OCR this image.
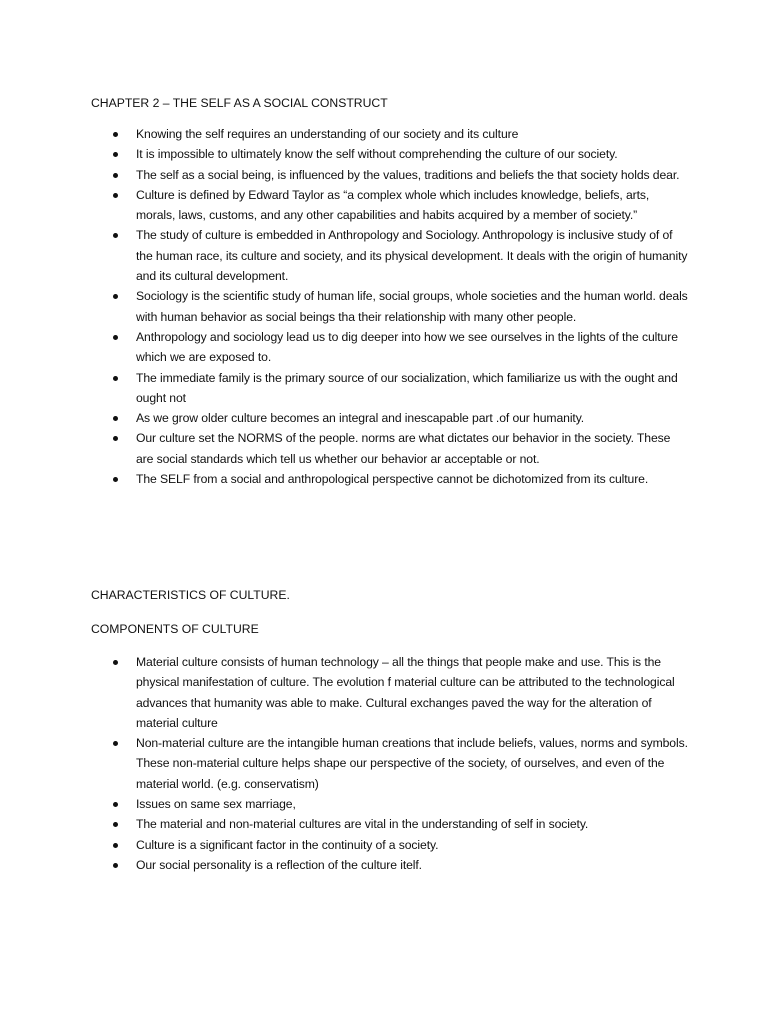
CHAPTER 2 – THE SELF AS A SOCIAL CONSTRUCT
Knowing the self requires an understanding of our society and its culture
It is impossible to ultimately know the self without comprehending the culture of our society.
The self as a social being, is influenced by the values, traditions and beliefs the that society holds dear.
Culture is defined by Edward Taylor as “a complex whole which includes knowledge, beliefs, arts, morals, laws, customs, and any other capabilities and habits acquired by a member of society.”
The study of culture is embedded in Anthropology and Sociology. Anthropology is inclusive study of of the human race, its culture and society, and its physical development. It deals with the origin of humanity and its cultural development.
Sociology is the scientific study of human life, social groups, whole societies and the human world. deals with human behavior as social beings tha their relationship with many other people.
Anthropology and sociology lead us to dig deeper into how we see ourselves in the lights of the culture which we are exposed to.
The immediate family is the primary source of our socialization, which familiarize us with the ought and ought not
As we grow older culture becomes an integral and inescapable part .of our humanity.
Our culture set the NORMS of the people. norms are what dictates our behavior in the society. These are social standards which tell us whether our behavior ar acceptable or not.
The SELF from a social and anthropological perspective cannot be dichotomized from its culture.
CHARACTERISTICS OF CULTURE.
COMPONENTS OF CULTURE
Material culture consists of human technology – all the things that people make and use. This is the physical manifestation of culture. The evolution f material culture can be attributed to the technological advances that humanity was able to make. Cultural exchanges paved the way for the alteration of material culture
Non-material culture are the intangible human creations that include beliefs, values, norms and symbols. These non-material culture helps shape our perspective of the society, of ourselves, and even of the material world. (e.g. conservatism)
Issues on same sex marriage,
The material and non-material cultures are vital in the understanding of self in society.
Culture is a significant factor in the continuity of a society.
Our social personality is a reflection of the culture itelf.
